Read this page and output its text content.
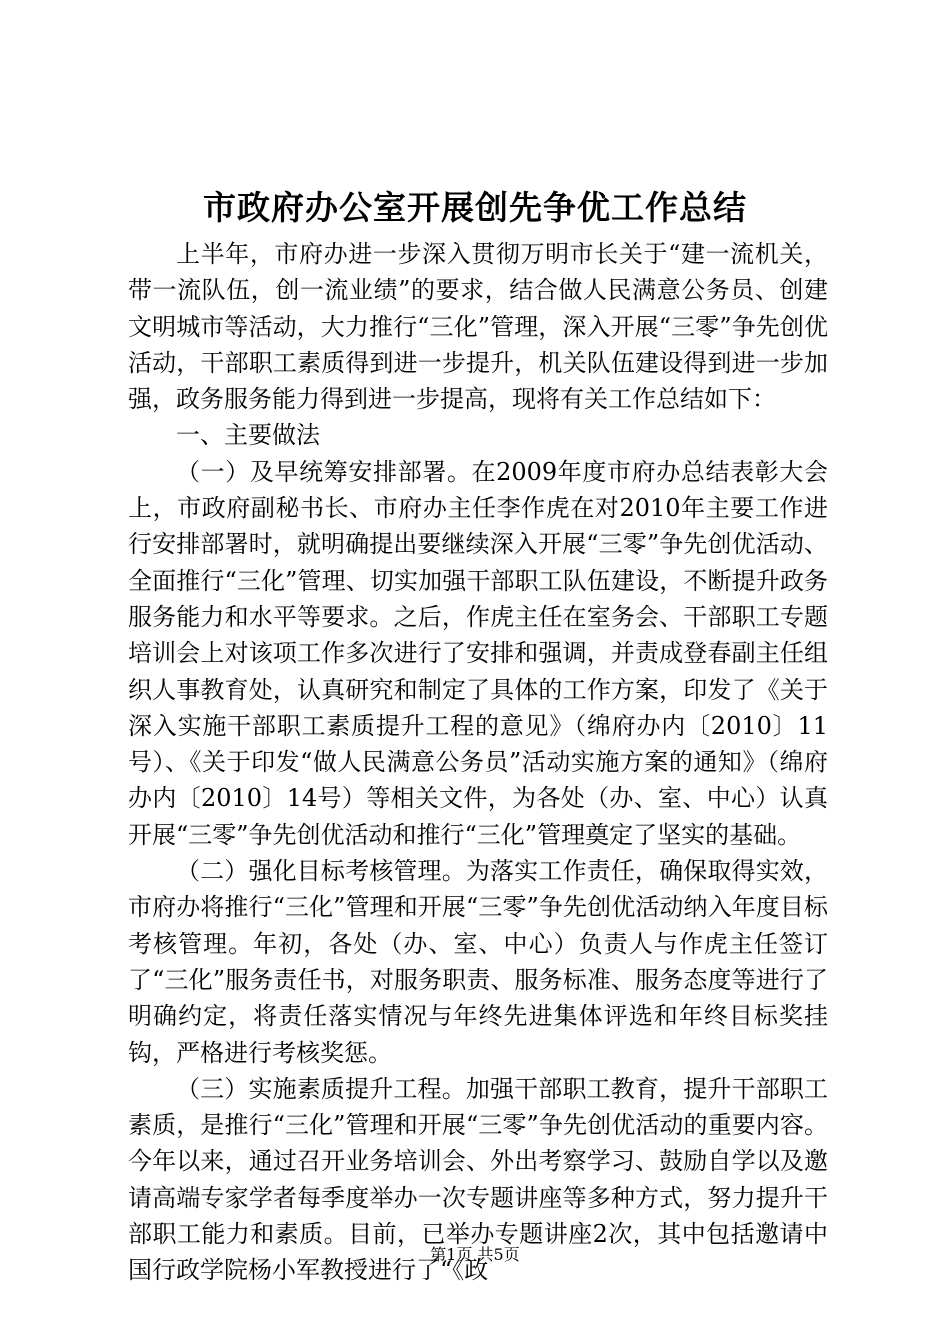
市政府办公室开展创先争优工作总结

上半年，市府办进一步深入贯彻万明市长关于“建一流机关，带一流队伍，创一流业绩”的要求，结合做人民满意公务员、创建文明城市等活动，大力推行“三化”管理，深入开展“三零”争先创优活动，干部职工素质得到进一步提升，机关队伍建设得到进一步加强，政务服务能力得到进一步提高，现将有关工作总结如下：

一、主要做法

（一）及早统筹安排部署。在2009年度市府办总结表彰大会上，市政府副秘书长、市府办主任李作虎在对2010年主要工作进行安排部署时，就明确提出要继续深入开展“三零”争先创优活动、全面推行“三化”管理、切实加强干部职工队伍建设，不断提升政务服务能力和水平等要求。之后，作虎主任在室务会、干部职工专题培训会上对该项工作多次进行了安排和强调，并责成登春副主任组织人事教育处，认真研究和制定了具体的工作方案，印发了《关于深入实施干部职工素质提升工程的意见》（绵府办内〔2010〕11号）、《关于印发“做人民满意公务员”活动实施方案的通知》（绵府办内〔2010〕14号）等相关文件，为各处（办、室、中心）认真开展“三零”争先创优活动和推行“三化”管理奠定了坚实的基础。

（二）强化目标考核管理。为落实工作责任，确保取得实效，市府办将推行“三化”管理和开展“三零”争先创优活动纳入年度目标考核管理。年初，各处（办、室、中心）负责人与作虎主任签订了“三化”服务责任书，对服务职责、服务标准、服务态度等进行了明确约定，将责任落实情况与年终先进集体评选和年终目标奖挂钩，严格进行考核奖惩。

（三）实施素质提升工程。加强干部职工教育，提升干部职工素质，是推行“三化”管理和开展“三零”争先创优活动的重要内容。今年以来，通过召开业务培训会、外出考察学习、鼓励自学以及邀请高端专家学者每季度举办一次专题讲座等多种方式，努力提升干部职工能力和素质。目前，已举办专题讲座2次，其中包括邀请中国行政学院杨小军教授进行了“《政

第1页 共5页
